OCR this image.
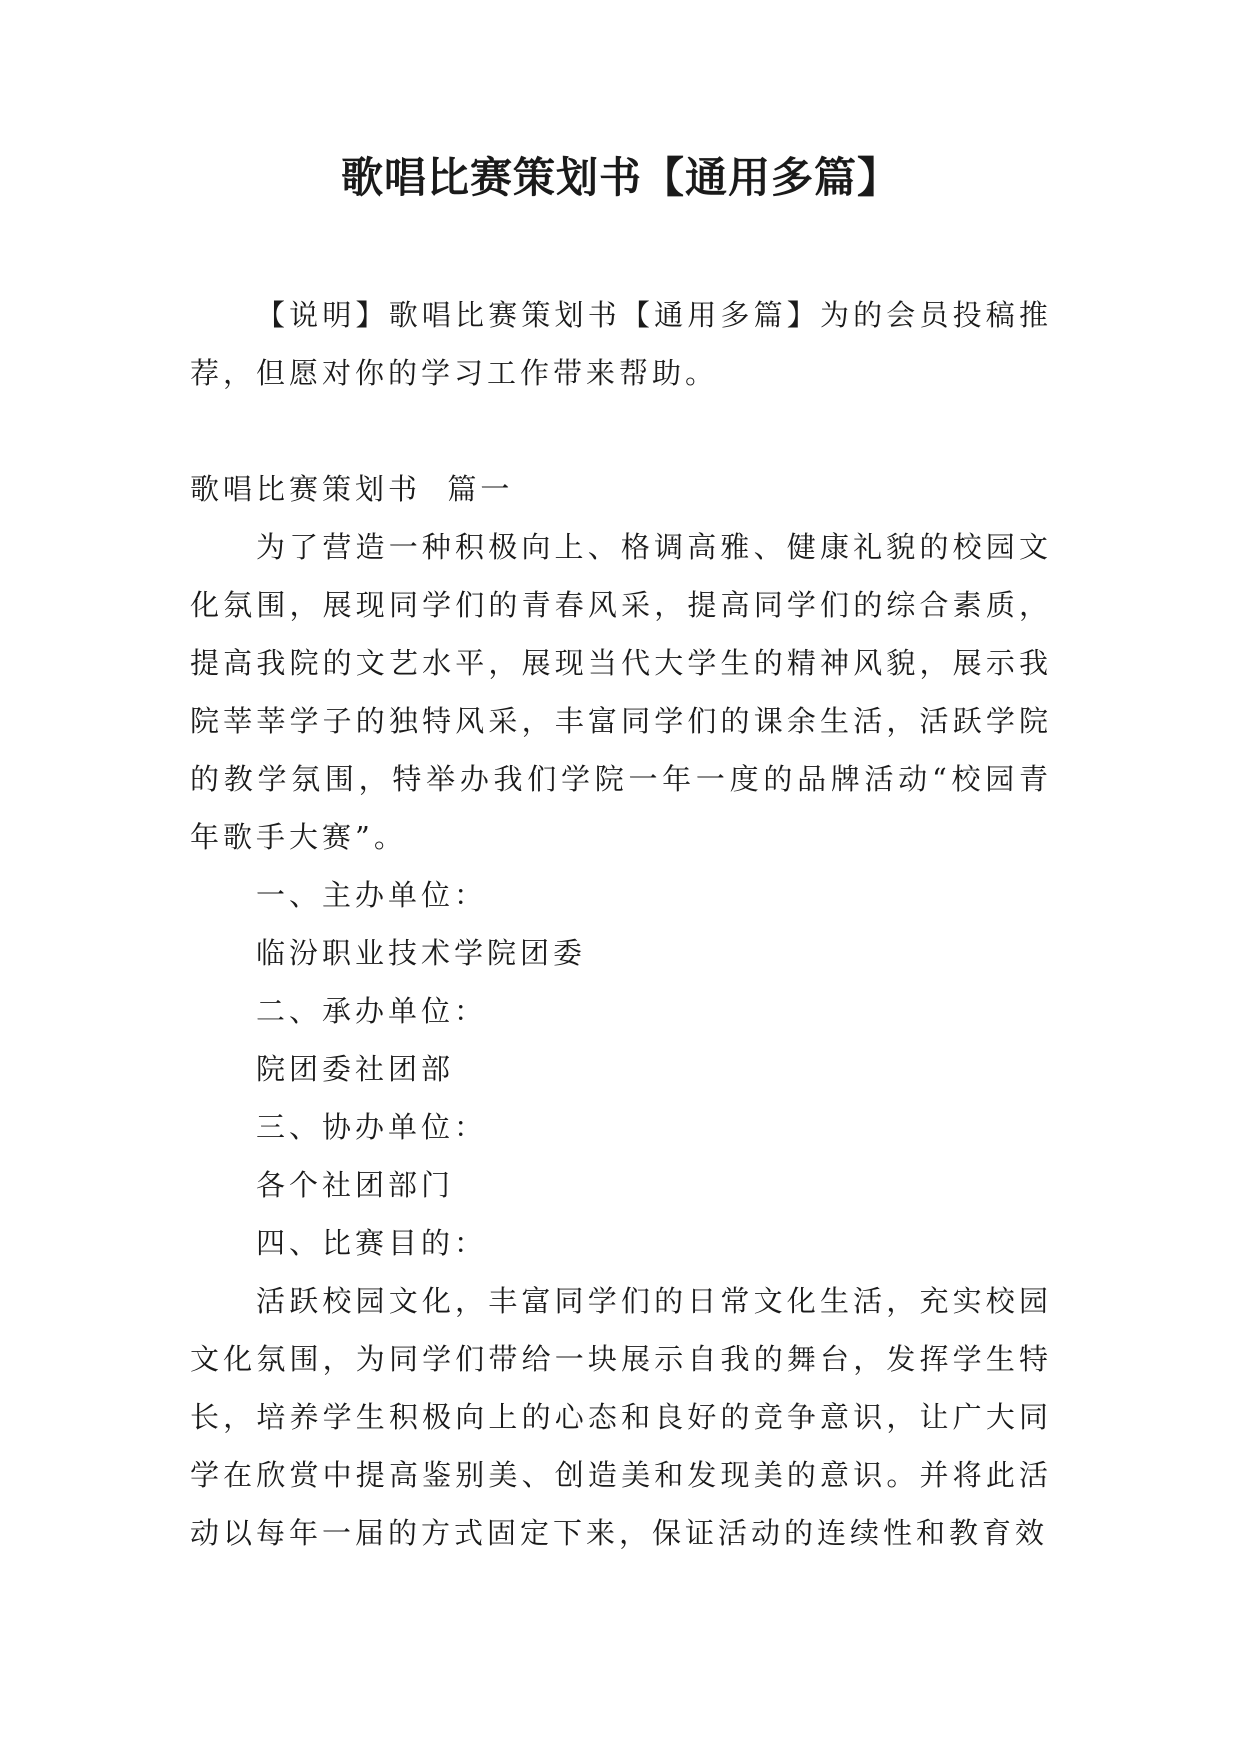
歌唱比赛策划书【通用多篇】

【说明】歌唱比赛策划书【通用多篇】为的会员投稿推荐，但愿对你的学习工作带来帮助。

歌唱比赛策划书  篇一

为了营造一种积极向上、格调高雅、健康礼貌的校园文化氛围，展现同学们的青春风采，提高同学们的综合素质，提高我院的文艺水平，展现当代大学生的精神风貌，展示我院莘莘学子的独特风采，丰富同学们的课余生活，活跃学院的教学氛围，特举办我们学院一年一度的品牌活动“校园青年歌手大赛”。

一、主办单位：

临汾职业技术学院团委

二、承办单位：

院团委社团部

三、协办单位：

各个社团部门

四、比赛目的：

活跃校园文化，丰富同学们的日常文化生活，充实校园文化氛围，为同学们带给一块展示自我的舞台，发挥学生特长，培养学生积极向上的心态和良好的竞争意识，让广大同学在欣赏中提高鉴别美、创造美和发现美的意识。并将此活动以每年一届的方式固定下来，保证活动的连续性和教育效
